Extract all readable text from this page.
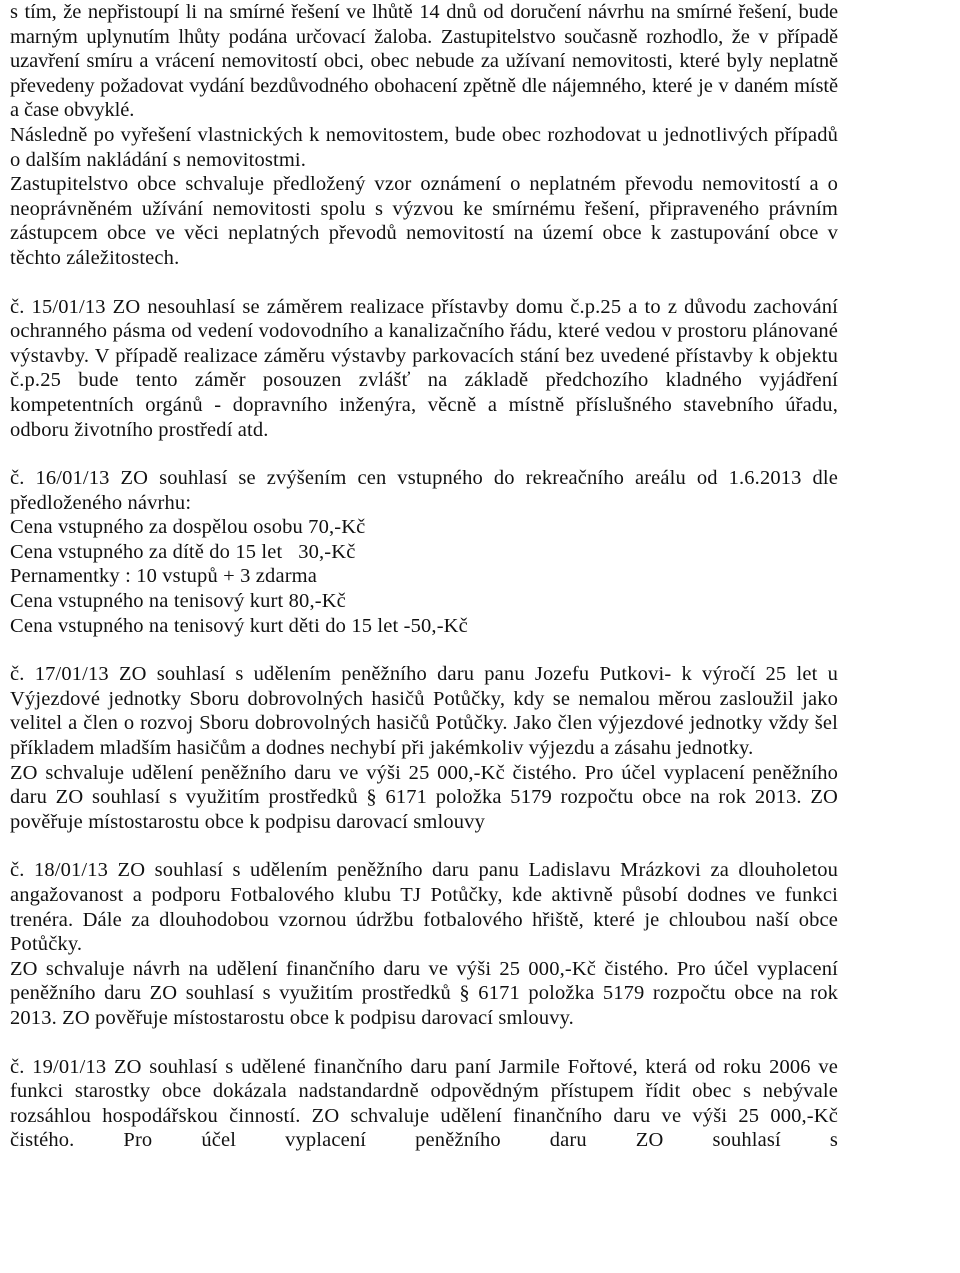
s tím, že nepřistoupí li na smírné řešení ve lhůtě 14 dnů od doručení návrhu na smírné řešení, bude marným uplynutím lhůty podána určovací žaloba. Zastupitelstvo současně rozhodlo, že v případě uzavření smíru a vrácení nemovitostí obci, obec nebude za užívaní nemovitosti, které byly neplatně převedeny požadovat vydání bezdůvodného obohacení zpětně dle nájemného, které je v daném místě a čase obvyklé.

Následně po vyřešení vlastnických k nemovitostem, bude obec rozhodovat u jednotlivých případů o dalším nakládání s nemovitostmi.

Zastupitelstvo obce schvaluje předložený vzor oznámení o neplatném převodu nemovitostí a o neoprávněném užívání nemovitosti spolu s výzvou ke smírnému řešení, připraveného právním zástupcem obce ve věci neplatných převodů nemovitostí na území obce k zastupování obce v těchto záležitostech.

č. 15/01/13 ZO nesouhlasí se záměrem realizace přístavby domu č.p.25 a to z důvodu zachování ochranného pásma od vedení vodovodního a kanalizačního řádu, které vedou v prostoru plánované výstavby. V případě realizace záměru výstavby parkovacích stání bez uvedené přístavby k objektu č.p.25 bude tento záměr posouzen zvlášť na základě předchozího kladného vyjádření kompetentních orgánů - dopravního inženýra, věcně a místně příslušného stavebního úřadu, odboru životního prostředí atd.

č. 16/01/13 ZO souhlasí se zvýšením cen vstupného do rekreačního areálu od 1.6.2013 dle předloženého návrhu:

Cena vstupného za dospělou osobu 70,-Kč

Cena vstupného za dítě do 15 let   30,-Kč

Pernamentky : 10 vstupů + 3 zdarma

Cena vstupného na tenisový kurt 80,-Kč

Cena vstupného na tenisový kurt děti do 15 let -50,-Kč

č. 17/01/13 ZO souhlasí s udělením peněžního daru panu Jozefu Putkovi- k výročí 25 let u Výjezdové jednotky Sboru dobrovolných hasičů Potůčky, kdy se nemalou měrou zasloužil jako velitel a člen o rozvoj Sboru dobrovolných hasičů Potůčky. Jako člen výjezdové jednotky vždy šel příkladem mladším hasičům a dodnes nechybí při jakémkoliv výjezdu a zásahu jednotky.

ZO schvaluje udělení peněžního daru ve výši 25 000,-Kč čistého. Pro účel vyplacení peněžního daru ZO souhlasí s využitím prostředků § 6171 položka 5179 rozpočtu obce na rok 2013. ZO pověřuje místostarostu obce k podpisu darovací smlouvy

č. 18/01/13 ZO souhlasí s udělením peněžního daru panu Ladislavu Mrázkovi za dlouholetou angažovanost a podporu Fotbalového klubu TJ Potůčky, kde aktivně působí dodnes ve funkci trenéra. Dále za dlouhodobou vzornou údržbu fotbalového hřiště, které je chloubou naší obce Potůčky.

ZO schvaluje návrh na udělení finančního daru ve výši 25 000,-Kč čistého. Pro účel vyplacení peněžního daru ZO souhlasí s využitím prostředků § 6171 položka 5179 rozpočtu obce na rok 2013. ZO pověřuje místostarostu obce k podpisu darovací smlouvy.

č. 19/01/13 ZO souhlasí s udělené finančního daru paní Jarmile Fořtové, která od roku 2006 ve funkci starostky obce dokázala nadstandardně odpovědným přístupem řídit obec s nebývale rozsáhlou hospodářskou činností. ZO schvaluje udělení finančního daru ve výši 25 000,-Kč čistého. Pro účel vyplacení peněžního daru ZO souhlasí s
